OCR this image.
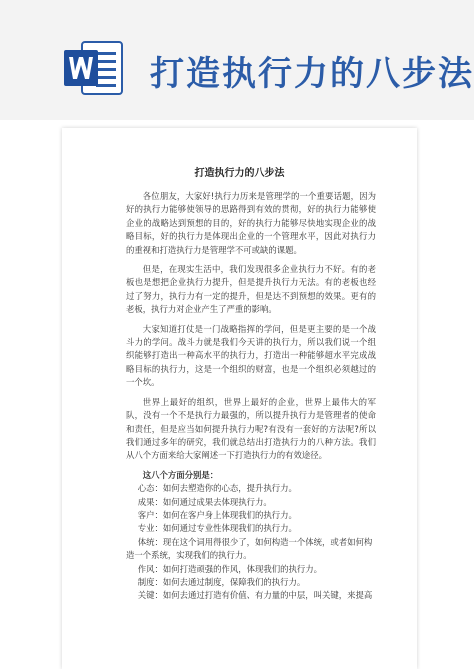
打造执行力的八步法
打造执行力的八步法

各位朋友，大家好!执行力历来是管理学的一个重要话题，因为好的执行力能够使领导的思路得到有效的贯彻，好的执行力能够使企业的战略达到预想的目的，好的执行力能够尽快地实现企业的战略目标，好的执行力是体现出企业的一个管理水平，因此对执行力的重视和打造执行力是管理学不可或缺的课题。

但是，在现实生活中，我们发现很多企业执行力不好。有的老板也是想把企业执行力提升，但是提升执行力无法。有的老板也经过了努力，执行力有一定的提升，但是达不到预想的效果。更有的老板，执行力对企业产生了严重的影响。

大家知道打仗是一门战略指挥的学问，但是更主要的是一个战斗力的学问。战斗力就是我们今天讲的执行力，所以我们说一个组织能够打造出一种高水平的执行力，打造出一种能够超水平完成战略目标的执行力，这是一个组织的财富，也是一个组织必须越过的一个坎。

世界上最好的组织，世界上最好的企业，世界上最伟大的军队，没有一个不是执行力最强的，所以提升执行力是管理者的使命和责任，但是应当如何提升执行力呢?有没有一套好的方法呢?所以我们通过多年的研究，我们就总结出打造执行力的八种方法。我们从八个方面来给大家阐述一下打造执行力的有效途径。

这八个方面分别是：

心态：如何去塑造你的心态，提升执行力。

成果：如何通过成果去体现执行力。

客户：如何在客户身上体现我们的执行力。

专业：如何通过专业性体现我们的执行力。

体统：现在这个词用得很少了，如何构造一个体统，或者如何构

造一个系统，实现我们的执行力。

作风：如何打造顽强的作风，体现我们的执行力。

制度：如何去通过制度，保障我们的执行力。

关键：如何去通过打造有价值、有力量的中层，叫关键，来提高
